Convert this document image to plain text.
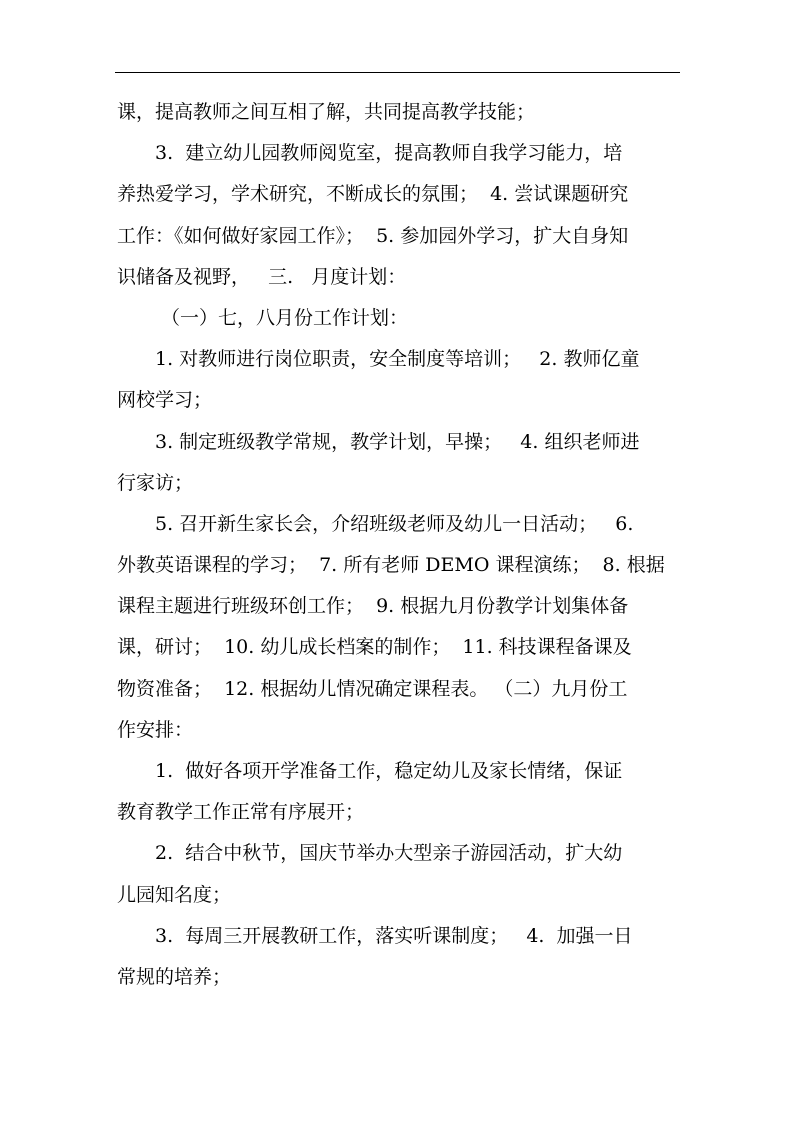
课，提高教师之间互相了解，共同提高教学技能；
3.  建立幼儿园教师阅览室，提高教师自我学习能力，培
养热爱学习，学术研究，不断成长的氛围；  4. 尝试课题研究
工作：《如何做好家园工作》；  5. 参加园外学习，扩大自身知
识储备及视野，   三.   月度计划：
（一）七，八月份工作计划：
1. 对教师进行岗位职责，安全制度等培训；   2. 教师亿童
网校学习；
3. 制定班级教学常规，教学计划，早操；   4. 组织老师进
行家访；
5. 召开新生家长会，介绍班级老师及幼儿一日活动；   6.
外教英语课程的学习；  7. 所有老师 DEMO 课程演练；  8. 根据
课程主题进行班级环创工作；  9. 根据九月份教学计划集体备
课，研讨；  10. 幼儿成长档案的制作；  11. 科技课程备课及
物资准备；  12. 根据幼儿情况确定课程表。 （二）九月份工
作安排：
1.  做好各项开学准备工作，稳定幼儿及家长情绪，保证
教育教学工作正常有序展开；
2.  结合中秋节，国庆节举办大型亲子游园活动，扩大幼
儿园知名度；
3.  每周三开展教研工作，落实听课制度；   4.  加强一日
常规的培养；
